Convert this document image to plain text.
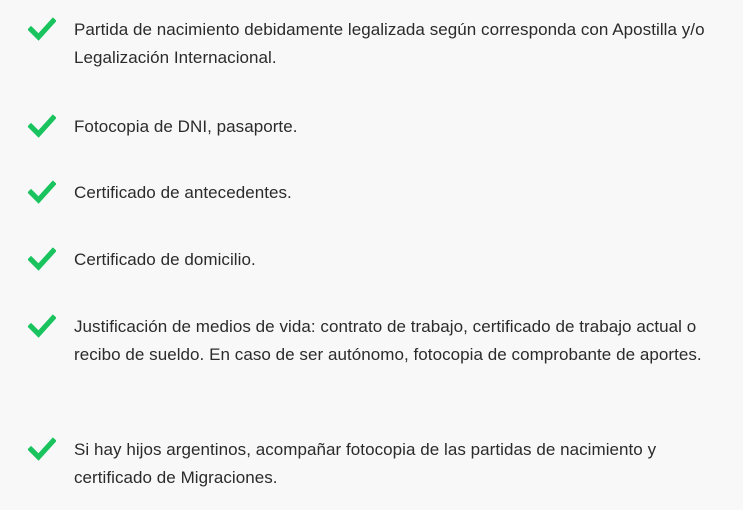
Partida de nacimiento debidamente legalizada según corresponda con Apostilla y/o Legalización Internacional.
Fotocopia de DNI, pasaporte.
Certificado de antecedentes.
Certificado de domicilio.
Justificación de medios de vida: contrato de trabajo, certificado de trabajo actual o recibo de sueldo. En caso de ser autónomo, fotocopia de comprobante de aportes.
Si hay hijos argentinos, acompañar fotocopia de las partidas de nacimiento y certificado de Migraciones.
